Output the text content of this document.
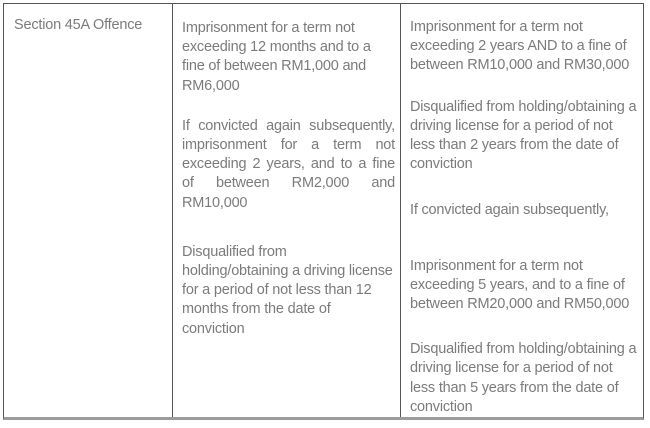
Section 45A Offence	Imprisonment for a term not exceeding 12 months and to a fine of between RM1,000 and RM6,000

If convicted again subsequently, imprisonment for a term not exceeding 2 years, and to a fine of between RM2,000 and RM10,000

Disqualified from holding/obtaining a driving license for a period of not less than 12 months from the date of conviction

Imprisonment for a term not exceeding 2 years AND to a fine of between RM10,000 and RM30,000

Disqualified from holding/obtaining a driving license for a period of not less than 2 years from the date of conviction

If convicted again subsequently,

Imprisonment for a term not exceeding 5 years, and to a fine of between RM20,000 and RM50,000

Disqualified from holding/obtaining a driving license for a period of not less than 5 years from the date of conviction
